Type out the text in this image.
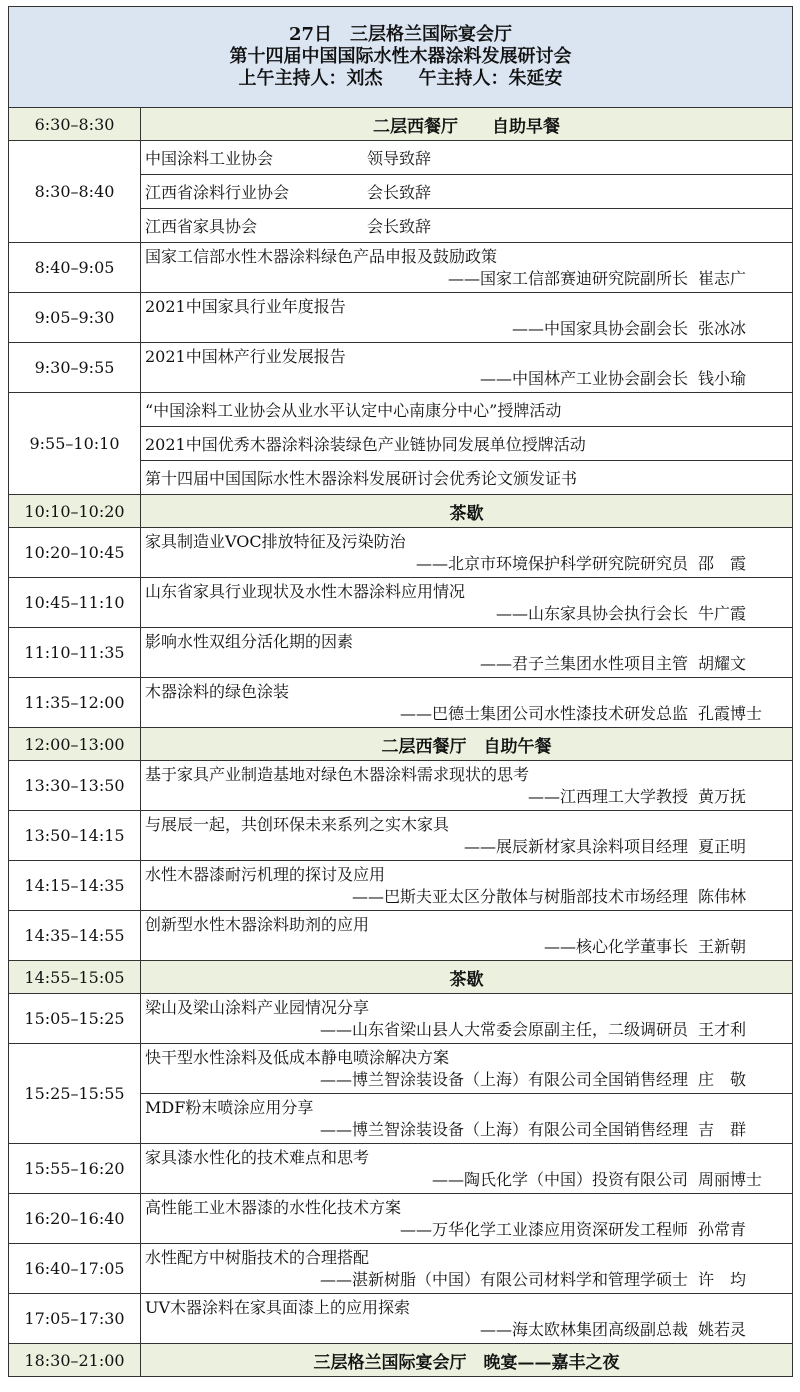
27日　三层格兰国际宴会厅
第十四届中国国际水性木器涂料发展研讨会
上午主持人：刘杰　　午主持人：朱延安	

6:30–8:30	二层西餐厅　　自助早餐
8:30–8:40	中国涂料工业协会 领导致辞
	江西省涂料行业协会 会长致辞
	江西省家具协会 会长致辞
8:40–9:05	国家工信部水性木器涂料绿色产品申报及鼓励政策
——国家工信部赛迪研究院副所长 崔志广

9:05–9:30	2021中国家具行业年度报告
——中国家具协会副会长 张冰冰

9:30–9:55	2021中国林产行业发展报告
——中国林产工业协会副会长 钱小瑜

9:55–10:10	“中国涂料工业协会从业水平认定中心南康分中心”授牌活动
	2021中国优秀木器涂料涂装绿色产业链协同发展单位授牌活动
	第十四届中国国际水性木器涂料发展研讨会优秀论文颁发证书
10:10–10:20	茶歇
10:20–10:45	家具制造业VOC排放特征及污染防治
——北京市环境保护科学研究院研究员 邵　霞

10:45–11:10	山东省家具行业现状及水性木器涂料应用情况
——山东家具协会执行会长 牛广霞

11:10–11:35	影响水性双组分活化期的因素
——君子兰集团水性项目主管 胡耀文

11:35–12:00	木器涂料的绿色涂装
——巴德士集团公司水性漆技术研发总监 孔霞博士

12:00–13:00	二层西餐厅　自助午餐
13:30–13:50	基于家具产业制造基地对绿色木器涂料需求现状的思考
——江西理工大学教授 黄万抚

13:50–14:15	与展辰一起，共创环保未来系列之实木家具
——展辰新材家具涂料项目经理 夏正明

14:15–14:35	水性木器漆耐污机理的探讨及应用
——巴斯夫亚太区分散体与树脂部技术市场经理 陈伟林

14:35–14:55	创新型水性木器涂料助剂的应用
——核心化学董事长 王新朝

14:55–15:05	茶歇
15:05–15:25	梁山及梁山涂料产业园情况分享
——山东省梁山县人大常委会原副主任，二级调研员 王才利

15:25–15:55	快干型水性涂料及低成本静电喷涂解决方案
——博兰智涂装设备（上海）有限公司全国销售经理 庄　敬

	MDF粉末喷涂应用分享
——博兰智涂装设备（上海）有限公司全国销售经理 吉　群

15:55–16:20	家具漆水性化的技术难点和思考
——陶氏化学（中国）投资有限公司 周丽博士

16:20–16:40	高性能工业木器漆的水性化技术方案
——万华化学工业漆应用资深研发工程师 孙常青

16:40–17:05	水性配方中树脂技术的合理搭配
——湛新树脂（中国）有限公司材料学和管理学硕士 许　均

17:05–17:30	UV木器涂料在家具面漆上的应用探索
——海太欧林集团高级副总裁 姚若灵

18:30–21:00	三层格兰国际宴会厅　晚宴——嘉丰之夜
